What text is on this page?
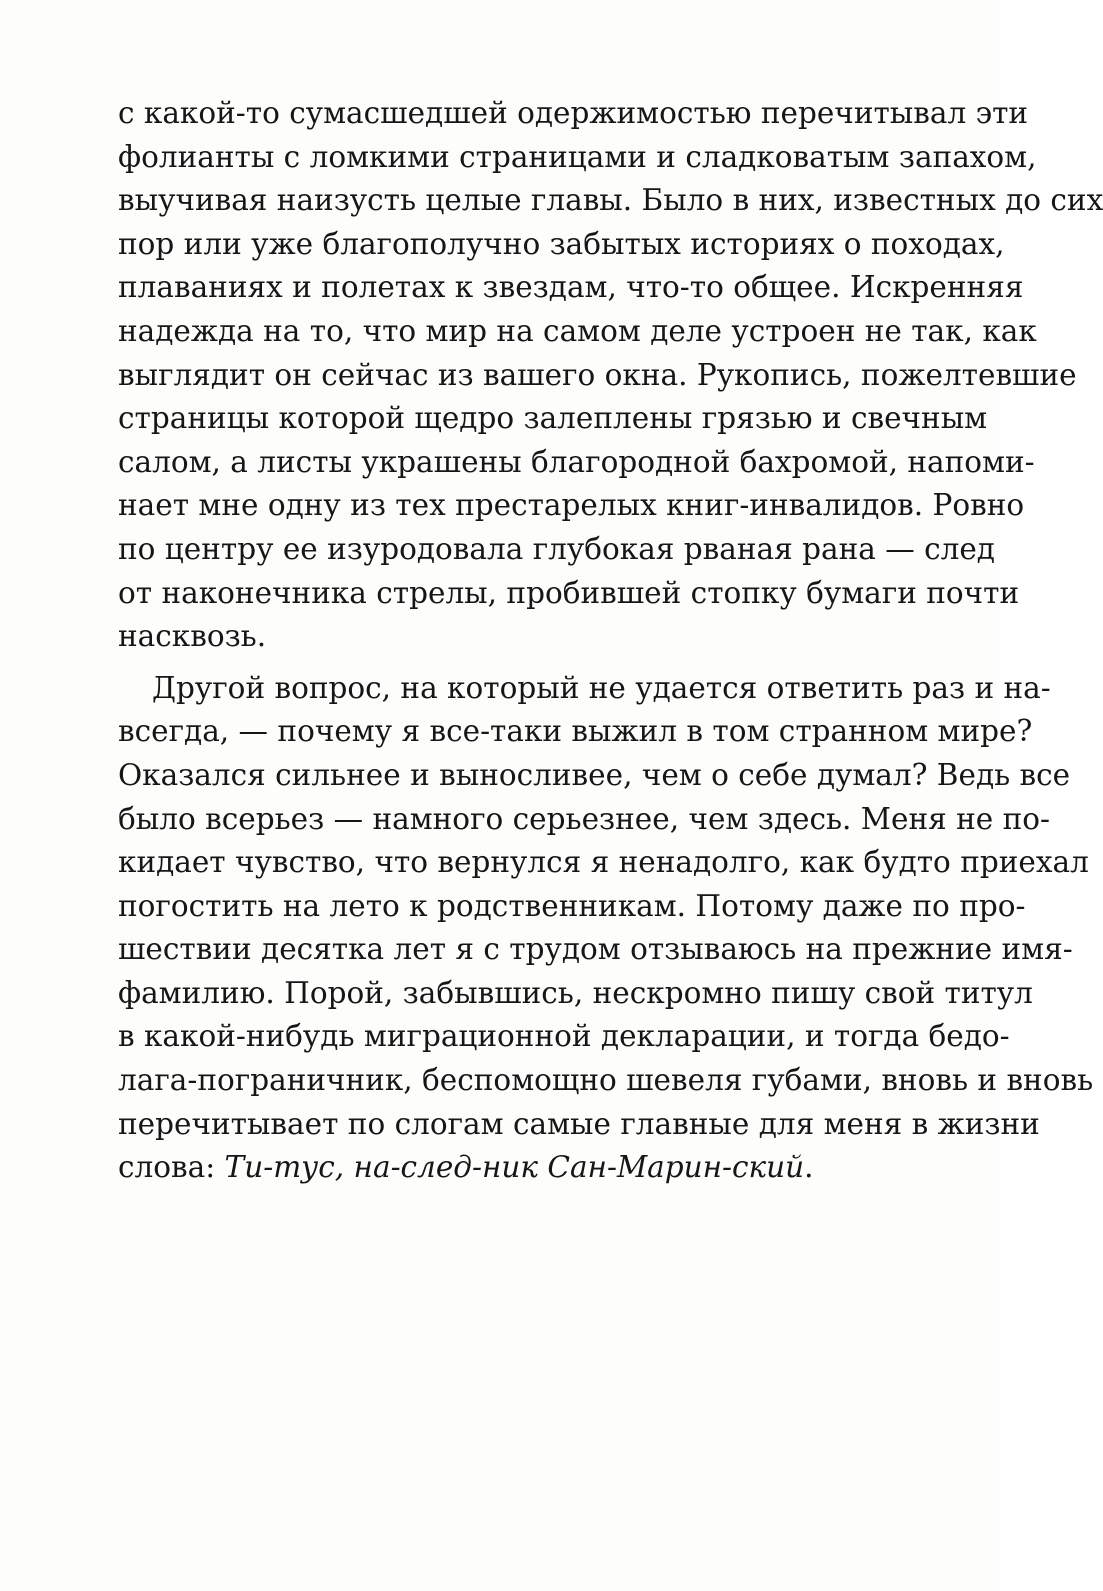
с какой-то сумасшедшей одержимостью перечитывал эти
фолианты с ломкими страницами и сладковатым запахом,
выучивая наизусть целые главы. Было в них, известных до сих
пор или уже благополучно забытых историях о походах,
плаваниях и полетах к звездам, что-то общее. Искренняя
надежда на то, что мир на самом деле устроен не так, как
выглядит он сейчас из вашего окна. Рукопись, пожелтевшие
страницы которой щедро залеплены грязью и свечным
салом, а листы украшены благородной бахромой, напоми-
нает мне одну из тех престарелых книг-инвалидов. Ровно
по центру ее изуродовала глубокая рваная рана — след
от наконечника стрелы, пробившей стопку бумаги почти
насквозь.
Другой вопрос, на который не удается ответить раз и на-
всегда, — почему я все-таки выжил в том странном мире?
Оказался сильнее и выносливее, чем о себе думал? Ведь все
было всерьез — намного серьезнее, чем здесь. Меня не по-
кидает чувство, что вернулся я ненадолго, как будто приехал
погостить на лето к родственникам. Потому даже по про-
шествии десятка лет я с трудом отзываюсь на прежние имя-
фамилию. Порой, забывшись, нескромно пишу свой титул
в какой-нибудь миграционной декларации, и тогда бедо-
лага-пограничник, беспомощно шевеля губами, вновь и вновь
перечитывает по слогам самые главные для меня в жизни
слова: Ти-тус, на-след-ник Сан-Марин-ский.
